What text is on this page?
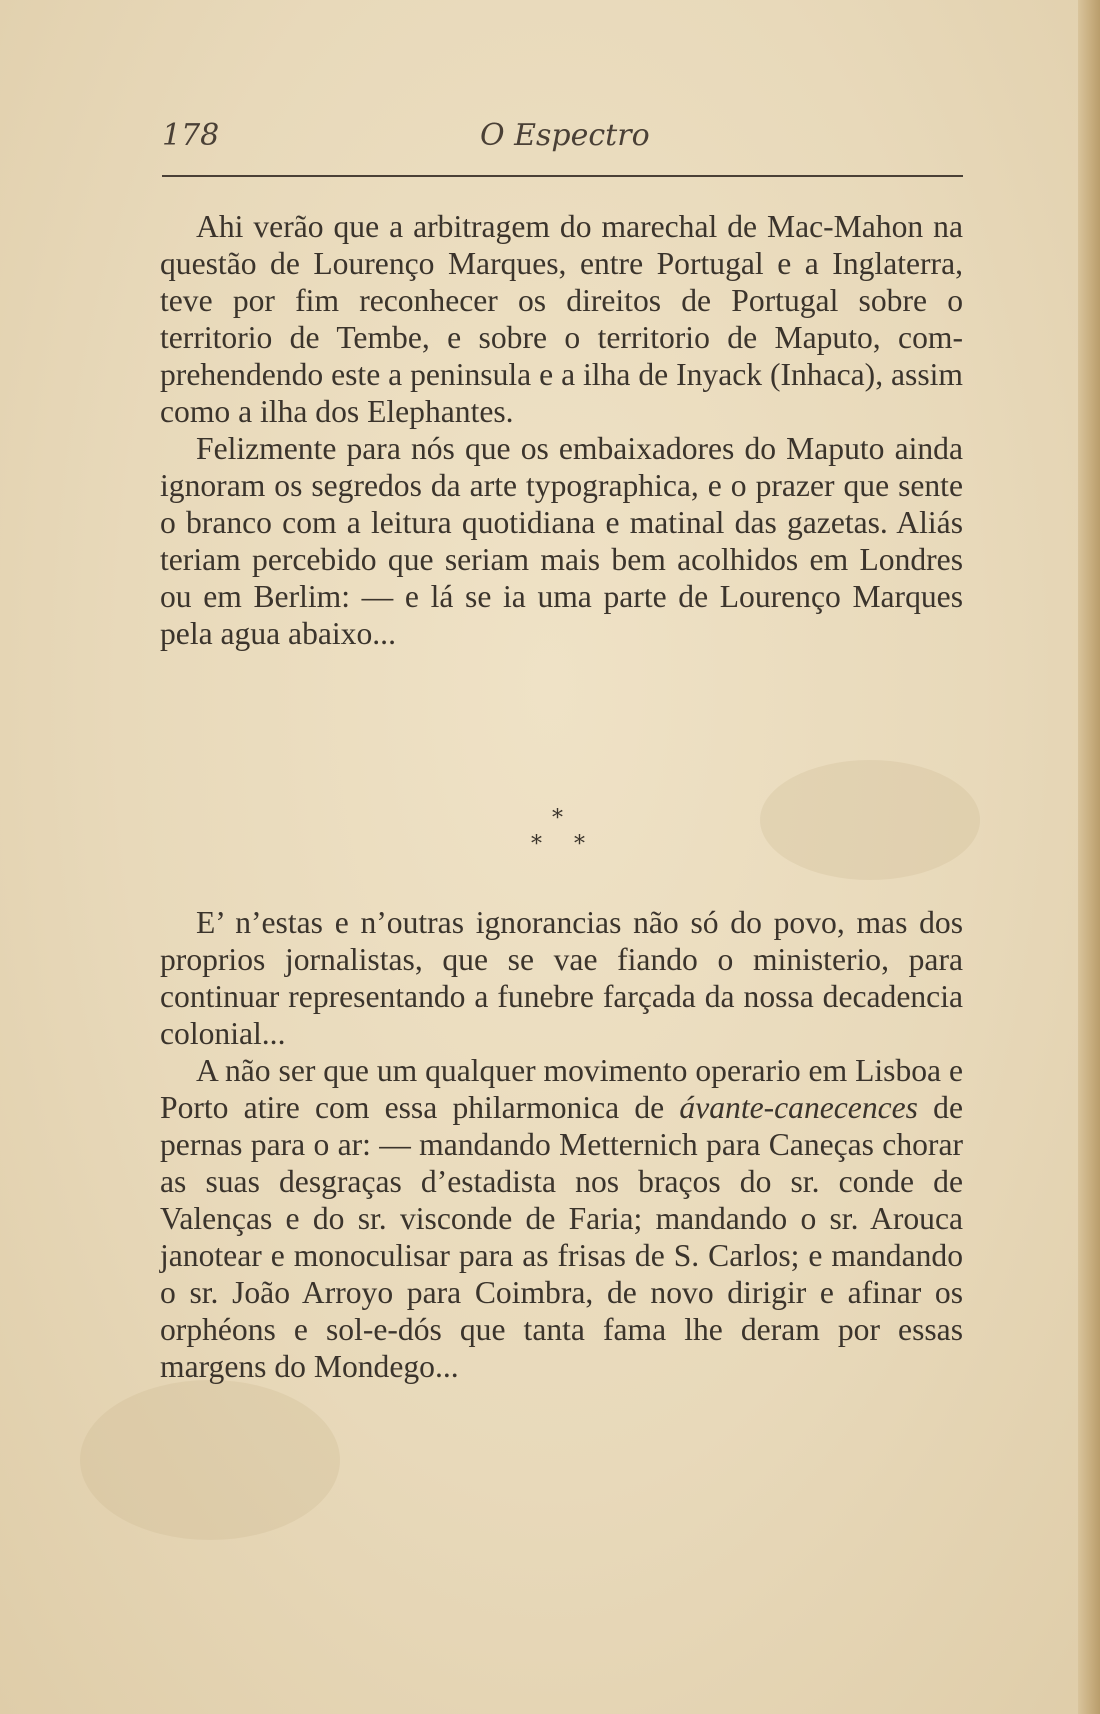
178	O Espectro

Ahi verão que a arbitragem do marechal de Mac-Mahon na questão de Lourenço Marques, entre Portugal e a Inglaterra, teve por fim reconhecer os direitos de Portugal sobre o territorio de Tembe, e sobre o territorio de Maputo, comprehendendo este a peninsula e a ilha de Inyack (Inhaca), assim como a ilha dos Elephantes.

Felizmente para nós que os embaixadores do Maputo ainda ignoram os segredos da arte typographica, e o prazer que sente o branco com a leitura quotidiana e matinal das gazetas. Aliás teriam percebido que seriam mais bem acolhidos em Londres ou em Berlim: — e lá se ia uma parte de Lourenço Marques pela agua abaixo...

*
* *

E’ n’estas e n’outras ignorancias não só do povo, mas dos proprios jornalistas, que se vae fiando o ministerio, para continuar representando a funebre farçada da nossa decadencia colonial...

A não ser que um qualquer movimento operario em Lisboa e Porto atire com essa philarmonica de ávante-canecences de pernas para o ar: — mandando Metternich para Caneças chorar as suas desgraças d’estadista nos braços do sr. conde de Valenças e do sr. visconde de Faria; mandando o sr. Arouca janotear e monoculisar para as frisas de S. Carlos; e mandando o sr. João Arroyo para Coimbra, de novo dirigir e afinar os orphéons e sol-e-dós que tanta fama lhe deram por essas margens do Mondego...
